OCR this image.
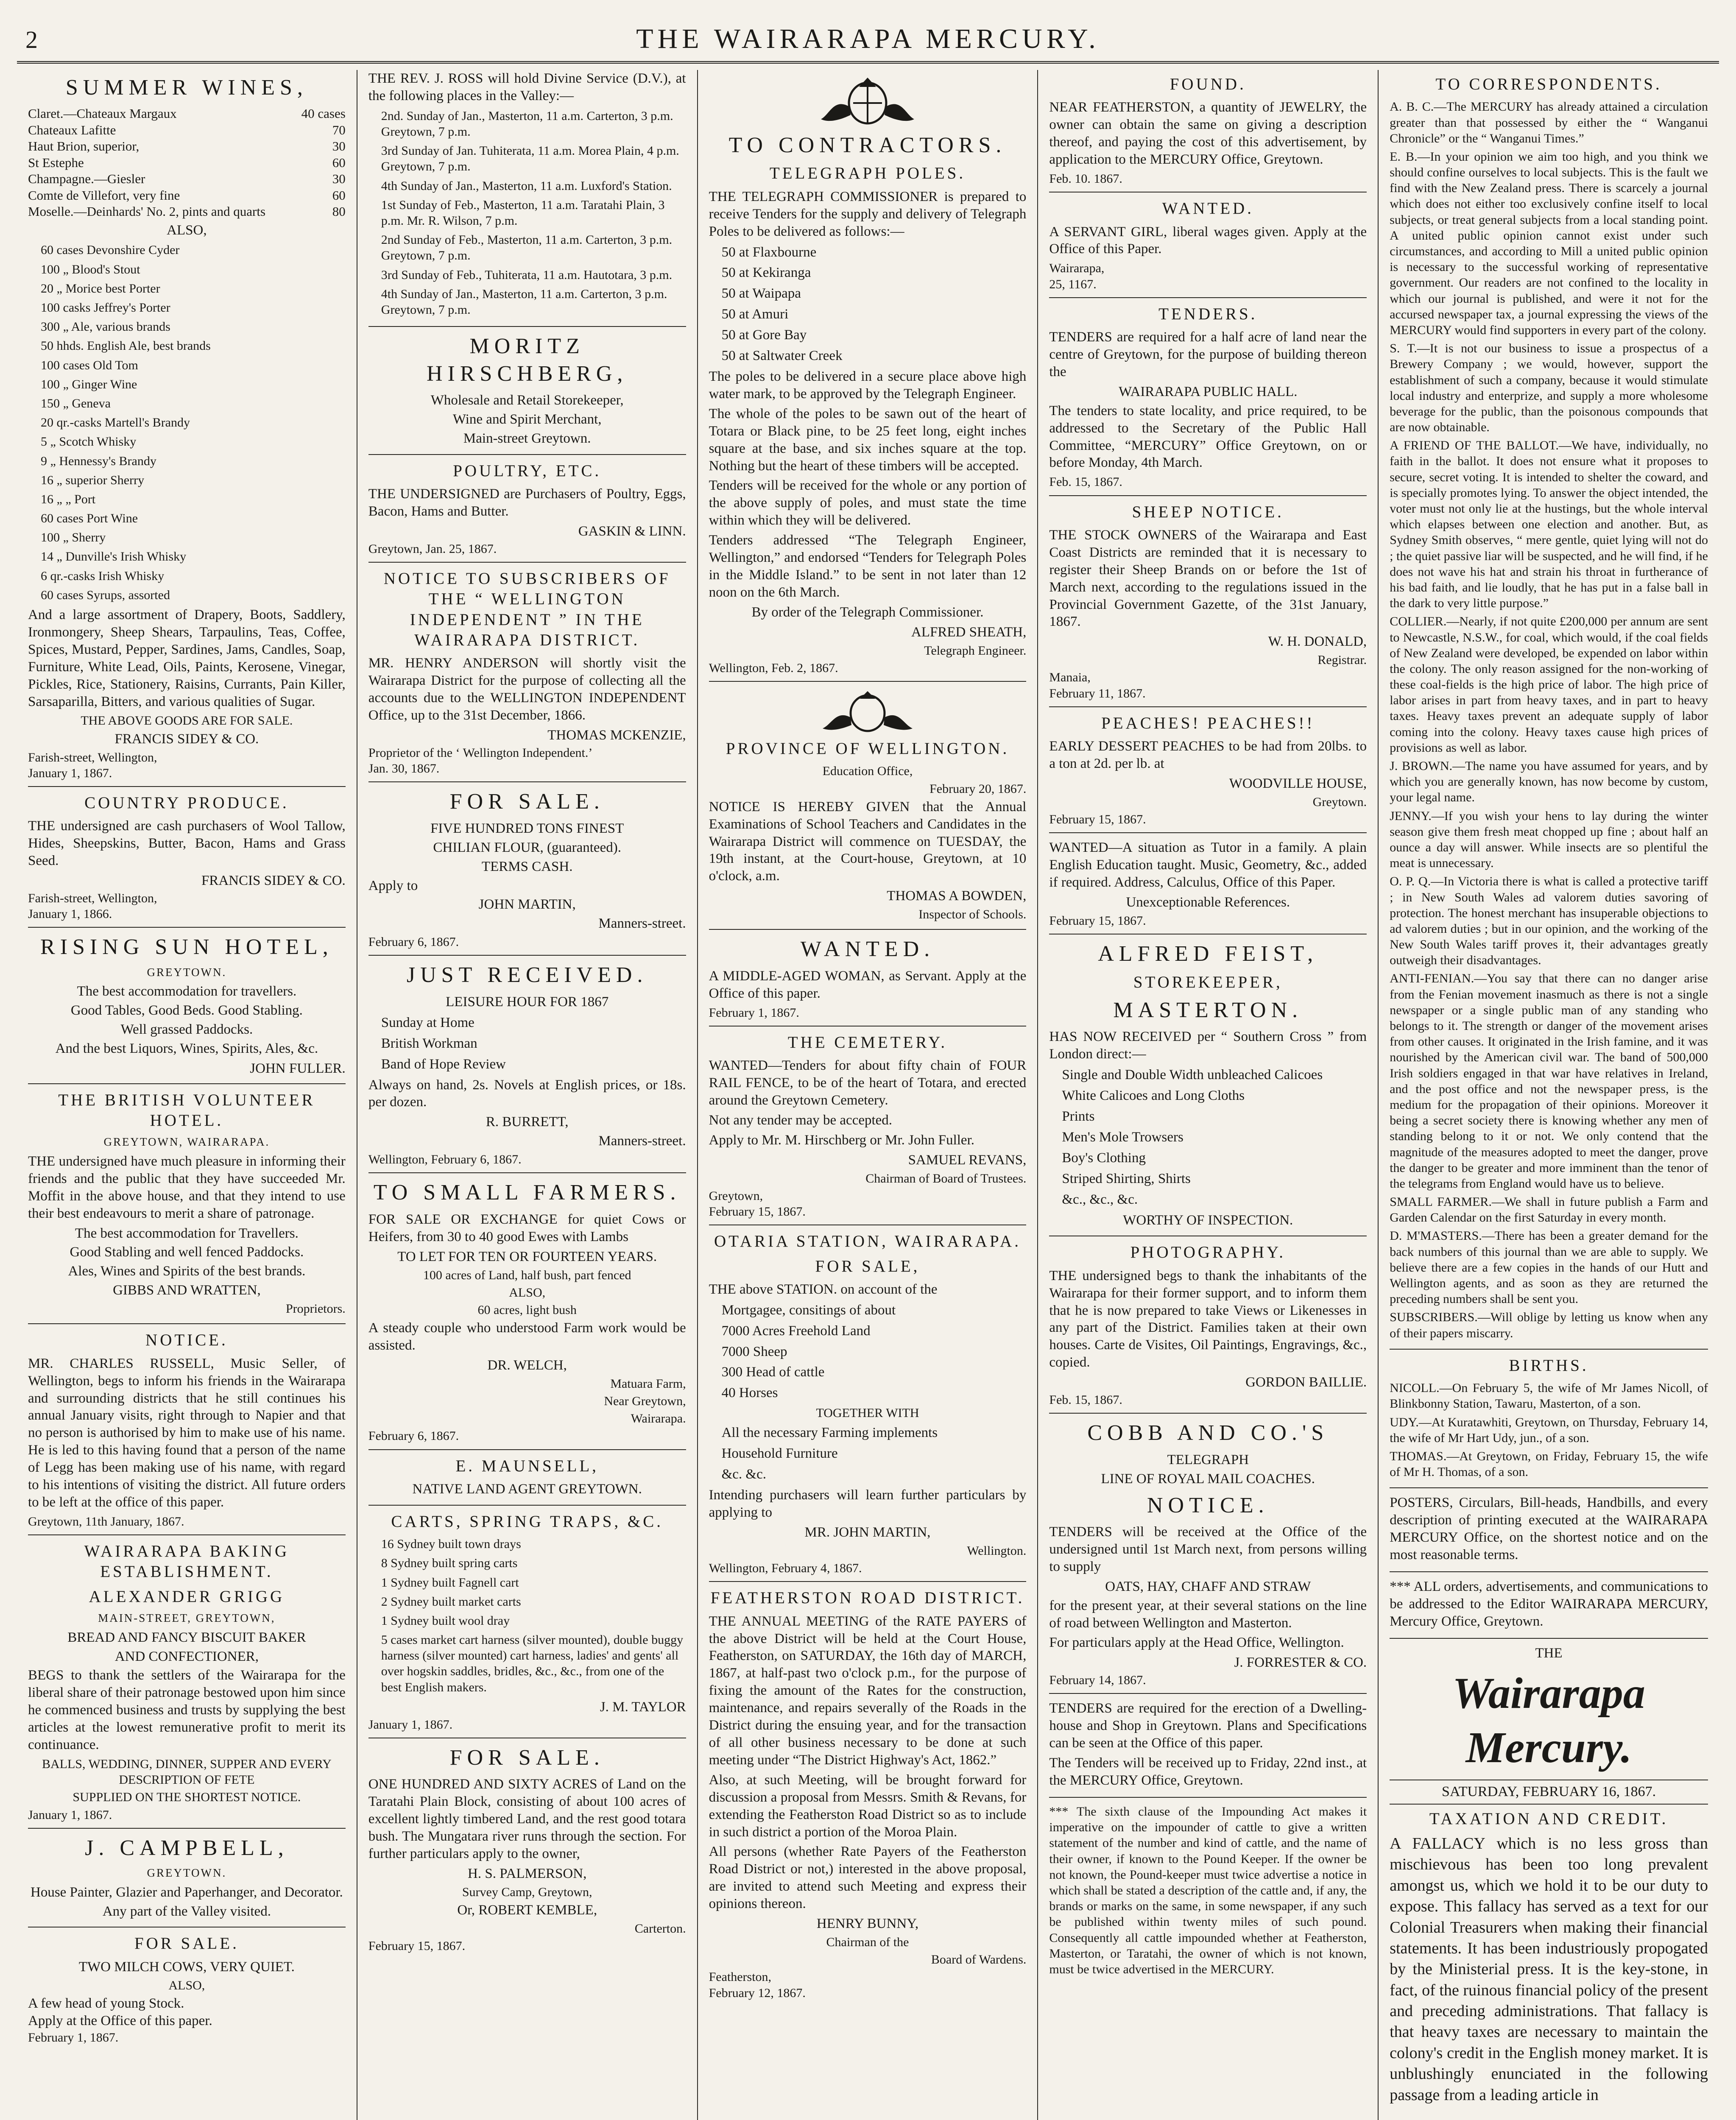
2	THE WAIRARAPA MERCURY.
SUMMER WINES,
Claret.—Chateaux Margaux	40 cases
Chateaux Lafitte	70
Haut Brion, superior,	30
St Estephe	60
Champagne.—Giesler	30
Comte de Villefort, very fine	60
Moselle.—Deinhards' No. 2, pints and quarts	80
ALSO,
60 cases Devonshire Cyder
100 „ Blood's Stout
20 „ Morice best Porter
100 casks Jeffrey's Porter
300 „ Ale, various brands
50 hhds. English Ale, best brands
100 cases Old Tom
100 „ Ginger Wine
150 „ Geneva
20 qr.-casks Martell's Brandy
5 „ Scotch Whisky
9 „ Hennessy's Brandy
16 „ superior Sherry
16 „ „ Port
60 cases Port Wine
100 „ Sherry
14 „ Dunville's Irish Whisky
6 qr.-casks Irish Whisky
60 cases Syrups, assorted

And a large assortment of Drapery, Boots, Saddlery, Ironmongery, Sheep Shears, Tarpaulins, Teas, Coffee, Spices, Mustard, Pepper, Sardines, Jams, Candles, Soap, Furniture, White Lead, Oils, Paints, Kerosene, Vinegar, Pickles, Rice, Stationery, Raisins, Currants, Pain Killer, Sarsaparilla, Bitters, and various qualities of Sugar.

THE ABOVE GOODS ARE FOR SALE.
FRANCIS SIDEY & CO.
Farish-street, Wellington,
January 1, 1867.
COUNTRY PRODUCE.

THE undersigned are cash purchasers of Wool Tallow, Hides, Sheepskins, Butter, Bacon, Hams and Grass Seed.

FRANCIS SIDEY & CO.
Farish-street, Wellington,
January 1, 1866.
RISING SUN HOTEL,
GREYTOWN.
The best accommodation for travellers.
Good Tables, Good Beds. Good Stabling.
Well grassed Paddocks.
And the best Liquors, Wines, Spirits, Ales, &c.
JOHN FULLER.
THE BRITISH VOLUNTEER HOTEL.
GREYTOWN, WAIRARAPA.

THE undersigned have much pleasure in informing their friends and the public that they have succeeded Mr. Moffit in the above house, and that they intend to use their best endeavours to merit a share of patronage.

The best accommodation for Travellers.
Good Stabling and well fenced Paddocks.
Ales, Wines and Spirits of the best brands.
GIBBS AND WRATTEN,
Proprietors.
NOTICE.

MR. CHARLES RUSSELL, Music Seller, of Wellington, begs to inform his friends in the Wairarapa and surrounding districts that he still continues his annual January visits, right through to Napier and that no person is authorised by him to make use of his name. He is led to this having found that a person of the name of Legg has been making use of his name, with regard to his intentions of visiting the district. All future orders to be left at the office of this paper.

Greytown, 11th January, 1867.
WAIRARAPA BAKING ESTABLISHMENT.
ALEXANDER GRIGG
MAIN-STREET, GREYTOWN,
BREAD AND FANCY BISCUIT BAKER
AND CONFECTIONER,

BEGS to thank the settlers of the Wairarapa for the liberal share of their patronage bestowed upon him since he commenced business and trusts by supplying the best articles at the lowest remunerative profit to merit its continuance.

BALLS, WEDDING, DINNER, SUPPER AND EVERY DESCRIPTION OF FETE
SUPPLIED ON THE SHORTEST NOTICE.
January 1, 1867.
J. CAMPBELL,
GREYTOWN.
House Painter, Glazier and Paperhanger, and Decorator.
Any part of the Valley visited.
FOR SALE.
TWO MILCH COWS, VERY QUIET.
ALSO,
A few head of young Stock.
Apply at the Office of this paper.
February 1, 1867.

THE REV. J. ROSS will hold Divine Service (D.V.), at the following places in the Valley:—

2nd. Sunday of Jan., Masterton, 11 a.m. Carterton, 3 p.m. Greytown, 7 p.m.
3rd Sunday of Jan. Tuhiterata, 11 a.m. Morea Plain, 4 p.m. Greytown, 7 p.m.
4th Sunday of Jan., Masterton, 11 a.m. Luxford's Station.
1st Sunday of Feb., Masterton, 11 a.m. Taratahi Plain, 3 p.m. Mr. R. Wilson, 7 p.m.
2nd Sunday of Feb., Masterton, 11 a.m. Carterton, 3 p.m. Greytown, 7 p.m.
3rd Sunday of Feb., Tuhiterata, 11 a.m. Hautotara, 3 p.m.
4th Sunday of Jan., Masterton, 11 a.m. Carterton, 3 p.m. Greytown, 7 p.m.
MORITZ HIRSCHBERG,
Wholesale and Retail Storekeeper,
Wine and Spirit Merchant,
Main-street Greytown.
POULTRY, ETC.

THE UNDERSIGNED are Purchasers of Poultry, Eggs, Bacon, Hams and Butter.

GASKIN & LINN.
Greytown, Jan. 25, 1867.
NOTICE TO SUBSCRIBERS OF THE “ WELLINGTON INDEPENDENT ” IN THE WAIRARAPA DISTRICT.

MR. HENRY ANDERSON will shortly visit the Wairarapa District for the purpose of collecting all the accounts due to the WELLINGTON INDEPENDENT Office, up to the 31st December, 1866.

THOMAS MCKENZIE,
Proprietor of the ‘ Wellington Independent.’
Jan. 30, 1867.
FOR SALE.
FIVE HUNDRED TONS FINEST
CHILIAN FLOUR, (guaranteed).
TERMS CASH.
Apply to
JOHN MARTIN,
Manners-street.
February 6, 1867.
JUST RECEIVED.
LEISURE HOUR FOR 1867
Sunday at Home
British Workman
Band of Hope Review

Always on hand, 2s. Novels at English prices, or 18s. per dozen.

R. BURRETT,
Manners-street.
Wellington, February 6, 1867.
TO SMALL FARMERS.

FOR SALE OR EXCHANGE for quiet Cows or Heifers, from 30 to 40 good Ewes with Lambs

TO LET FOR TEN OR FOURTEEN YEARS.
100 acres of Land, half bush, part fenced
ALSO,
60 acres, light bush

A steady couple who understood Farm work would be assisted.

DR. WELCH,
Matuara Farm,
Near Greytown,
Wairarapa.
February 6, 1867.
E. MAUNSELL,
NATIVE LAND AGENT GREYTOWN.
CARTS, SPRING TRAPS, &C.
16 Sydney built town drays
8 Sydney built spring carts
1 Sydney built Fagnell cart
2 Sydney built market carts
1 Sydney built wool dray
5 cases market cart harness (silver mounted), double buggy harness (silver mounted) cart harness, ladies' and gents' all over hogskin saddles, bridles, &c., &c., from one of the best English makers.
J. M. TAYLOR
January 1, 1867.
FOR SALE.

ONE HUNDRED AND SIXTY ACRES of Land on the Taratahi Plain Block, consisting of about 100 acres of excellent lightly timbered Land, and the rest good totara bush. The Mungatara river runs through the section. For further particulars apply to the owner,

H. S. PALMERSON,
Survey Camp, Greytown,
Or, ROBERT KEMBLE,
Carterton.
February 15, 1867.
TO CONTRACTORS.
TELEGRAPH POLES.

THE TELEGRAPH COMMISSIONER is prepared to receive Tenders for the supply and delivery of Telegraph Poles to be delivered as follows:—

50 at Flaxbourne
50 at Kekiranga
50 at Waipapa
50 at Amuri
50 at Gore Bay
50 at Saltwater Creek

The poles to be delivered in a secure place above high water mark, to be approved by the Telegraph Engineer.

The whole of the poles to be sawn out of the heart of Totara or Black pine, to be 25 feet long, eight inches square at the base, and six inches square at the top. Nothing but the heart of these timbers will be accepted.

Tenders will be received for the whole or any portion of the above supply of poles, and must state the time within which they will be delivered.

Tenders addressed “The Telegraph Engineer, Wellington,” and endorsed “Tenders for Telegraph Poles in the Middle Island.” to be sent in not later than 12 noon on the 6th March.

By order of the Telegraph Commissioner.
ALFRED SHEATH,
Telegraph Engineer.
Wellington, Feb. 2, 1867.
PROVINCE OF WELLINGTON.
Education Office,
February 20, 1867.

NOTICE IS HEREBY GIVEN that the Annual Examinations of School Teachers and Candidates in the Wairarapa District will commence on TUESDAY, the 19th instant, at the Court-house, Greytown, at 10 o'clock, a.m.

THOMAS A BOWDEN,
Inspector of Schools.
WANTED.

A MIDDLE-AGED WOMAN, as Servant. Apply at the Office of this paper.

February 1, 1867.
THE CEMETERY.

WANTED—Tenders for about fifty chain of FOUR RAIL FENCE, to be of the heart of Totara, and erected around the Greytown Cemetery.

Not any tender may be accepted.

Apply to Mr. M. Hirschberg or Mr. John Fuller.

SAMUEL REVANS,
Chairman of Board of Trustees.
Greytown,
February 15, 1867.
OTARIA STATION, WAIRARAPA.
FOR SALE,
THE above STATION. on account of the
Mortgagee, consitings of about
7000 Acres Freehold Land
7000 Sheep
300 Head of cattle
40 Horses
TOGETHER WITH
All the necessary Farming implements
Household Furniture
&c. &c.

Intending purchasers will learn further particulars by applying to

MR. JOHN MARTIN,
Wellington.
Wellington, February 4, 1867.
FEATHERSTON ROAD DISTRICT.

THE ANNUAL MEETING of the RATE PAYERS of the above District will be held at the Court House, Featherston, on SATURDAY, the 16th day of MARCH, 1867, at half-past two o'clock p.m., for the purpose of fixing the amount of the Rates for the construction, maintenance, and repairs severally of the Roads in the District during the ensuing year, and for the transaction of all other business necessary to be done at such meeting under “The District Highway's Act, 1862.”

Also, at such Meeting, will be brought forward for discussion a proposal from Messrs. Smith & Revans, for extending the Featherston Road District so as to include in such district a portion of the Moroa Plain.

All persons (whether Rate Payers of the Featherston Road District or not,) interested in the above proposal, are invited to attend such Meeting and express their opinions thereon.

HENRY BUNNY,
Chairman of the
Board of Wardens.
Featherston,
February 12, 1867.
FOUND.

NEAR FEATHERSTON, a quantity of JEWELRY, the owner can obtain the same on giving a description thereof, and paying the cost of this advertisement, by application to the MERCURY Office, Greytown.

Feb. 10. 1867.
WANTED.

A SERVANT GIRL, liberal wages given. Apply at the Office of this Paper.

Wairarapa,
25, 1167.
TENDERS.

TENDERS are required for a half acre of land near the centre of Greytown, for the purpose of building thereon the

WAIRARAPA PUBLIC HALL.

The tenders to state locality, and price required, to be addressed to the Secretary of the Public Hall Committee, “MERCURY” Office Greytown, on or before Monday, 4th March.

Feb. 15, 1867.
SHEEP NOTICE.

THE STOCK OWNERS of the Wairarapa and East Coast Districts are reminded that it is necessary to register their Sheep Brands on or before the 1st of March next, according to the regulations issued in the Provincial Government Gazette, of the 31st January, 1867.

W. H. DONALD,
Registrar.
Manaia,
February 11, 1867.
PEACHES! PEACHES!!

EARLY DESSERT PEACHES to be had from 20lbs. to a ton at 2d. per lb. at

WOODVILLE HOUSE,
Greytown.
February 15, 1867.

WANTED—A situation as Tutor in a family. A plain English Education taught. Music, Geometry, &c., added if required. Address, Calculus, Office of this Paper.

Unexceptionable References.
February 15, 1867.
ALFRED FEIST,
STOREKEEPER,
MASTERTON.

HAS NOW RECEIVED per “ Southern Cross ” from London direct:—

Single and Double Width unbleached Calicoes
White Calicoes and Long Cloths
Prints
Men's Mole Trowsers
Boy's Clothing
Striped Shirting, Shirts
&c., &c., &c.
WORTHY OF INSPECTION.
PHOTOGRAPHY.

THE undersigned begs to thank the inhabitants of the Wairarapa for their former support, and to inform them that he is now prepared to take Views or Likenesses in any part of the District. Families taken at their own houses. Carte de Visites, Oil Paintings, Engravings, &c., copied.

GORDON BAILLIE.
Feb. 15, 1867.
COBB AND CO.'S
TELEGRAPH
LINE OF ROYAL MAIL COACHES.
NOTICE.

TENDERS will be received at the Office of the undersigned until 1st March next, from persons willing to supply

OATS, HAY, CHAFF AND STRAW

for the present year, at their several stations on the line of road between Wellington and Masterton.

For particulars apply at the Head Office, Wellington.

J. FORRESTER & CO.
February 14, 1867.

TENDERS are required for the erection of a Dwelling-house and Shop in Greytown. Plans and Specifications can be seen at the Office of this paper.

The Tenders will be received up to Friday, 22nd inst., at the MERCURY Office, Greytown.

*** The sixth clause of the Impounding Act makes it imperative on the impounder of cattle to give a written statement of the number and kind of cattle, and the name of their owner, if known to the Pound Keeper. If the owner be not known, the Pound-keeper must twice advertise a notice in which shall be stated a description of the cattle and, if any, the brands or marks on the same, in some newspaper, if any such be published within twenty miles of such pound. Consequently all cattle impounded whether at Featherston, Masterton, or Taratahi, the owner of which is not known, must be twice advertised in the MERCURY.

TO CORRESPONDENTS.

A. B. C.—The MERCURY has already attained a circulation greater than that possessed by either the “ Wanganui Chronicle” or the “ Wanganui Times.”

E. B.—In your opinion we aim too high, and you think we should confine ourselves to local subjects. This is the fault we find with the New Zealand press. There is scarcely a journal which does not either too exclusively confine itself to local subjects, or treat general subjects from a local standing point. A united public opinion cannot exist under such circumstances, and according to Mill a united public opinion is necessary to the successful working of representative government. Our readers are not confined to the locality in which our journal is published, and were it not for the accursed newspaper tax, a journal expressing the views of the MERCURY would find supporters in every part of the colony.

S. T.—It is not our business to issue a prospectus of a Brewery Company ; we would, however, support the establishment of such a company, because it would stimulate local industry and enterprize, and supply a more wholesome beverage for the public, than the poisonous compounds that are now obtainable.

A FRIEND OF THE BALLOT.—We have, individually, no faith in the ballot. It does not ensure what it proposes to secure, secret voting. It is intended to shelter the coward, and is specially promotes lying. To answer the object intended, the voter must not only lie at the hustings, but the whole interval which elapses between one election and another. But, as Sydney Smith observes, “ mere gentle, quiet lying will not do ; the quiet passive liar will be suspected, and he will find, if he does not wave his hat and strain his throat in furtherance of his bad faith, and lie loudly, that he has put in a false ball in the dark to very little purpose.”

COLLIER.—Nearly, if not quite £200,000 per annum are sent to Newcastle, N.S.W., for coal, which would, if the coal fields of New Zealand were developed, be expended on labor within the colony. The only reason assigned for the non-working of these coal-fields is the high price of labor. The high price of labor arises in part from heavy taxes, and in part to heavy taxes. Heavy taxes prevent an adequate supply of labor coming into the colony. Heavy taxes cause high prices of provisions as well as labor.

J. BROWN.—The name you have assumed for years, and by which you are generally known, has now become by custom, your legal name.

JENNY.—If you wish your hens to lay during the winter season give them fresh meat chopped up fine ; about half an ounce a day will answer. While insects are so plentiful the meat is unnecessary.

O. P. Q.—In Victoria there is what is called a protective tariff ; in New South Wales ad valorem duties savoring of protection. The honest merchant has insuperable objections to ad valorem duties ; but in our opinion, and the working of the New South Wales tariff proves it, their advantages greatly outweigh their disadvantages.

ANTI-FENIAN.—You say that there can no danger arise from the Fenian movement inasmuch as there is not a single newspaper or a single public man of any standing who belongs to it. The strength or danger of the movement arises from other causes. It originated in the Irish famine, and it was nourished by the American civil war. The band of 500,000 Irish soldiers engaged in that war have relatives in Ireland, and the post office and not the newspaper press, is the medium for the propagation of their opinions. Moreover it being a secret society there is knowing whether any men of standing belong to it or not. We only contend that the magnitude of the measures adopted to meet the danger, prove the danger to be greater and more imminent than the tenor of the telegrams from England would have us to believe.

SMALL FARMER.—We shall in future publish a Farm and Garden Calendar on the first Saturday in every month.

D. M'MASTERS.—There has been a greater demand for the back numbers of this journal than we are able to supply. We believe there are a few copies in the hands of our Hutt and Wellington agents, and as soon as they are returned the preceding numbers shall be sent you.

SUBSCRIBERS.—Will oblige by letting us know when any of their papers miscarry.

BIRTHS.

NICOLL.—On February 5, the wife of Mr James Nicoll, of Blinkbonny Station, Tawaru, Masterton, of a son.

UDY.—At Kuratawhiti, Greytown, on Thursday, February 14, the wife of Mr Hart Udy, jun., of a son.

THOMAS.—At Greytown, on Friday, February 15, the wife of Mr H. Thomas, of a son.

POSTERS, Circulars, Bill-heads, Handbills, and every description of printing executed at the WAIRARAPA MERCURY Office, on the shortest notice and on the most reasonable terms.

*** ALL orders, advertisements, and communications to be addressed to the Editor WAIRARAPA MERCURY, Mercury Office, Greytown.

THE
Wairarapa Mercury.
SATURDAY, FEBRUARY 16, 1867.
TAXATION AND CREDIT.

A FALLACY which is no less gross than mischievous has been too long prevalent amongst us, which we hold it to be our duty to expose. This fallacy has served as a text for our Colonial Treasurers when making their financial statements. It has been industriously propogated by the Ministerial press. It is the key-stone, in fact, of the ruinous financial policy of the present and preceding administrations. That fallacy is that heavy taxes are necessary to maintain the colony's credit in the English money market. It is unblushingly enunciated in the following passage from a leading article in
